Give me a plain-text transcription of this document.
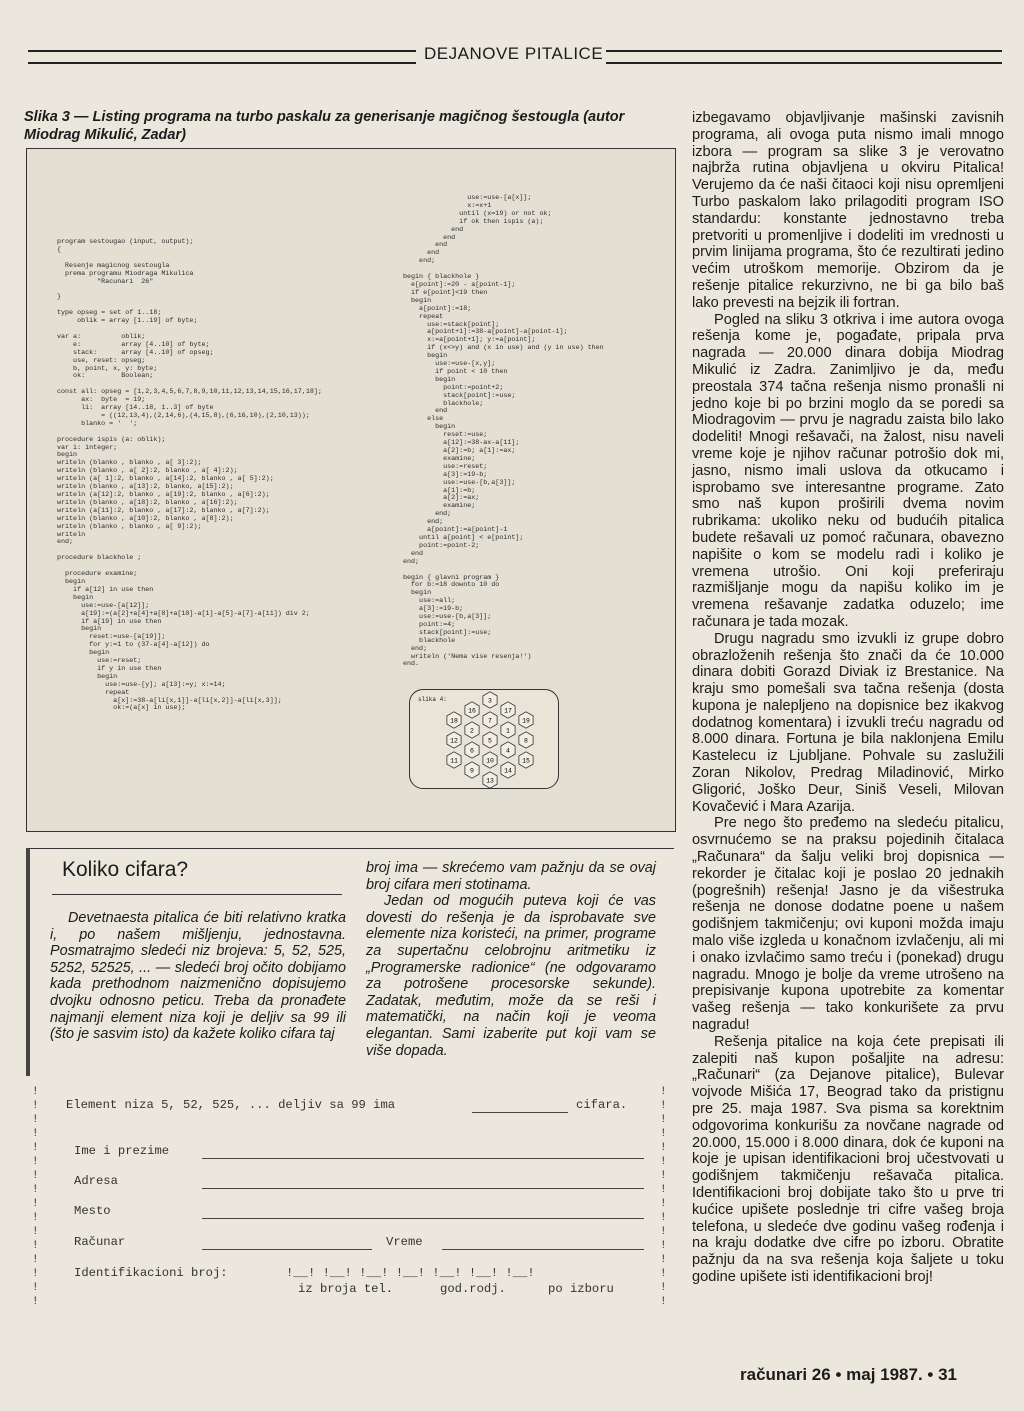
DEJANOVE PITALICE
Slika 3 — Listing programa na turbo paskalu za generisanje magičnog šestougla (autor Miodrag Mikulić, Zadar)
program sestougao (input, output);
{

Resenje magicnog sestougla
prema programu Miodraga Mikulica
"Racunari  26"

}

type opseg = set of 1..18;
oblik = array [1..19] of byte;

var a:          oblik;
e:          array [4..10] of byte;
stack:      array [4..10] of opseg;
use, reset: opseg;
b, point, x, y: byte;
ok:         Boolean;

const all: opseg = [1,2,3,4,5,6,7,8,9,10,11,12,13,14,15,16,17,18];
ax:  byte  = 19;
li:  array [14..18, 1..3] of byte
= ((12,13,4),(2,14,6),(4,15,8),(6,16,10),(2,10,13));
blanko = '  ';

procedure ispis (a: oblik);
var i: integer;
begin
writeln (blanko , blanko , a[ 3]:2);
writeln (blanko , a[ 2]:2, blanko , a[ 4]:2);
writeln (a[ 1]:2, blanko , a[14]:2, blanko , a[ 5]:2);
writeln (blanko , a[13]:2, blanko, a[15]:2);
writeln (a[12]:2, blanko , a[19]:2, blanko , a[6]:2);
writeln (blanko , a[18]:2, blanko , a[16]:2);
writeln (a[11]:2, blanko , a[17]:2, blanko , a[7]:2);
writeln (blanko , a[10]:2, blanko , a[8]:2);
writeln (blanko , blanko , a[ 9]:2);
writeln
end;

procedure blackhole ;

procedure examine;
begin
if a[12] in use then
begin
use:=use-[a[12]];
a[19]:=(a[2]+a[4]+a[8]+a[10]-a[1]-a[5]-a[7]-a[11]) div 2;
if a[19] in use then
begin
reset:=use-[a[19]];
for y:=1 to (37-a[4]-a[12]) do
begin
use:=reset;
if y in use then
begin
use:=use-[y]; a[13]:=y; x:=14;
repeat
a[x]:=38-a[li[x,1]]-a[li[x,2]]-a[li[x,3]];
ok:=(a[x] in use);
use:=use-[a[x]];
x:=x+1
until (x=19) or not ok;
if ok then ispis (a);
end
end
end
end
end;

begin { blackhole }
e[point]:=20 - a[point-1];
if e[point]<19 then
begin
a[point]:=18;
repeat
use:=stack[point];
a[point+1]:=38-a[point]-a[point-1];
x:=a[point+1]; y:=a[point];
if (x<>y) and (x in use) and (y in use) then
begin
use:=use-[x,y];
if point < 10 then
begin
point:=point+2;
stack[point]:=use;
blackhole;
end
else
begin
reset:=use;
a[12]:=38-ax-a[11];
a[2]:=b; a[1]:=ax;
examine;
use:=reset;
a[3]:=19-b;
use:=use-[b,a[3]];
a[1]:=b;
a[2]:=ax;
examine;
end;
end;
a[point]:=a[point]-1
until a[point] < e[point];
point:=point-2;
end
end;

begin { glavni program }
for b:=18 downto 10 do
begin
use:=all;
a[3]:=19-b;
use:=use-[b,a[3]];
point:=4;
stack[point]:=use;
blackhole
end;
writeln ('Nema vise resenja!')
end.
slika 4:	3
17
19
16
7
1
18
2
5
4
12
6
10
8
11
9	14
15
13

izbegavamo objavljivanje mašinski zavisnih programa, ali ovoga puta nismo imali mnogo izbora — program sa slike 3 je verovatno najbrža rutina objavljena u okviru Pitalica! Verujemo da će naši čitaoci koji nisu opremljeni Turbo paskalom lako prilagoditi program ISO standardu: konstante jednostavno treba pretvoriti u promenljive i dodeliti im vrednosti u prvim linijama programa, što će rezultirati jedino većim utroškom memorije. Obzirom da je rešenje pitalice rekurzivno, ne bi ga bilo baš lako prevesti na bejzik ili fortran.

Pogled na sliku 3 otkriva i ime autora ovoga rešenja kome je, pogađate, pripala prva nagrada — 20.000 dinara dobija Miodrag Mikulić iz Zadra. Zanimljivo je da, među preostala 374 tačna rešenja nismo pronašli ni jedno koje bi po brzini moglo da se poredi sa Miodragovim — prvu je nagradu zaista bilo lako dodeliti! Mnogi rešavači, na žalost, nisu naveli vreme koje je njihov računar potrošio dok mi, jasno, nismo imali uslova da otkucamo i isprobamo sve interesantne programe. Zato smo naš kupon proširili dvema novim rubrikama: ukoliko neku od budućih pitalica budete rešavali uz pomoć računara, obavezno napišite o kom se modelu radi i koliko je vremena utrošio. Oni koji preferiraju razmišljanje mogu da napišu koliko im je vremena rešavanje zadatka oduzelo; ime računara je tada mozak.

Drugu nagradu smo izvukli iz grupe dobro obrazloženih rešenja što znači da će 10.000 dinara dobiti Gorazd Diviak iz Brestanice. Na kraju smo pomešali sva tačna rešenja (dosta kupona je nalepljeno na dopisnice bez ikakvog dodatnog komentara) i izvukli treću nagradu od 8.000 dinara. Fortuna je bila naklonjena Emilu Kastelecu iz Ljubljane. Pohvale su zaslužili Zoran Nikolov, Predrag Miladinović, Mirko Gligorić, Joško Deur, Siniš Veseli, Milovan Kovačević i Mara Azarija.

Pre nego što pređemo na sledeću pitalicu, osvrnućemo se na praksu pojedinih čitalaca „Računara“ da šalju veliki broj dopisnica — rekorder je čitalac koji je poslao 20 jednakih (pogrešnih) rešenja! Jasno je da višestruka rešenja ne donose dodatne poene u našem godišnjem takmičenju; ovi kuponi možda imaju malo više izgleda u konačnom izvlačenju, ali mi i onako izvlačimo samo treću i (ponekad) drugu nagradu. Mnogo je bolje da vreme utrošeno na prepisivanje kupona upotrebite za komentar vašeg rešenja — tako konkurišete za prvu nagradu!

Rešenja pitalice na koja ćete prepisati ili zalepiti naš kupon pošaljite na adresu: „Računari“ (za Dejanove pitalice), Bulevar vojvode Mišića 17, Beograd tako da pristignu pre 25. maja 1987. Sva pisma sa korektnim odgovorima konkurišu za novčane nagrade od 20.000, 15.000 i 8.000 dinara, dok će kuponi na koje je upisan identifikacioni broj učestvovati u godišnjem takmičenju rešavača pitalica. Identifikacioni broj dobijate tako što u prve tri kućice upišete poslednje tri cifre vašeg broja telefona, u sledeće dve godinu vašeg rođenja i na kraju dodatke dve cifre po izboru. Obratite pažnju da na sva rešenja koja šaljete u toku godine upišete isti identifikacioni broj!

Koliko cifara?

Devetnaesta pitalica će biti relativno kratka i, po našem mišljenju, jednostavna. Posmatrajmo sledeći niz brojeva: 5, 52, 525, 5252, 52525, ... — sledeći broj očito dobijamo kada prethodnom naizmenično dopisujemo dvojku odnosno peticu. Treba da pronađete najmanji element niza koji je deljiv sa 99 ili (što je sasvim isto) da kažete koliko cifara taj

broj ima — skrećemo vam pažnju da se ovaj broj cifara meri stotinama.

Jedan od mogućih puteva koji će vas dovesti do rešenja je da isprobavate sve elemente niza koristeći, na primer, programe za supertačnu celobrojnu aritmetiku iz „Programerske radionice“ (ne odgovaramo za potrošene procesorske sekunde). Zadatak, međutim, može da se reši i matematički, na način koji je veoma elegantan. Sami izaberite put koji vam se više dopada.

Element niza 5, 52, 525, ... deljiv sa 99 ima	cifara.
Ime i prezime
Adresa
Mesto
Računar	Vreme
Identifikacioni broj:	!__! !__! !__! !__! !__! !__! !__!
iz broja tel.	god.rodj.	po izboru
!	!
!	!
!	!
!	!
!	!
!	!
!	!
!	!
!	!
!	!
!	!
!	!
!	!
!	!
!	!
!	!
računari 26 • maj 1987. • 31
